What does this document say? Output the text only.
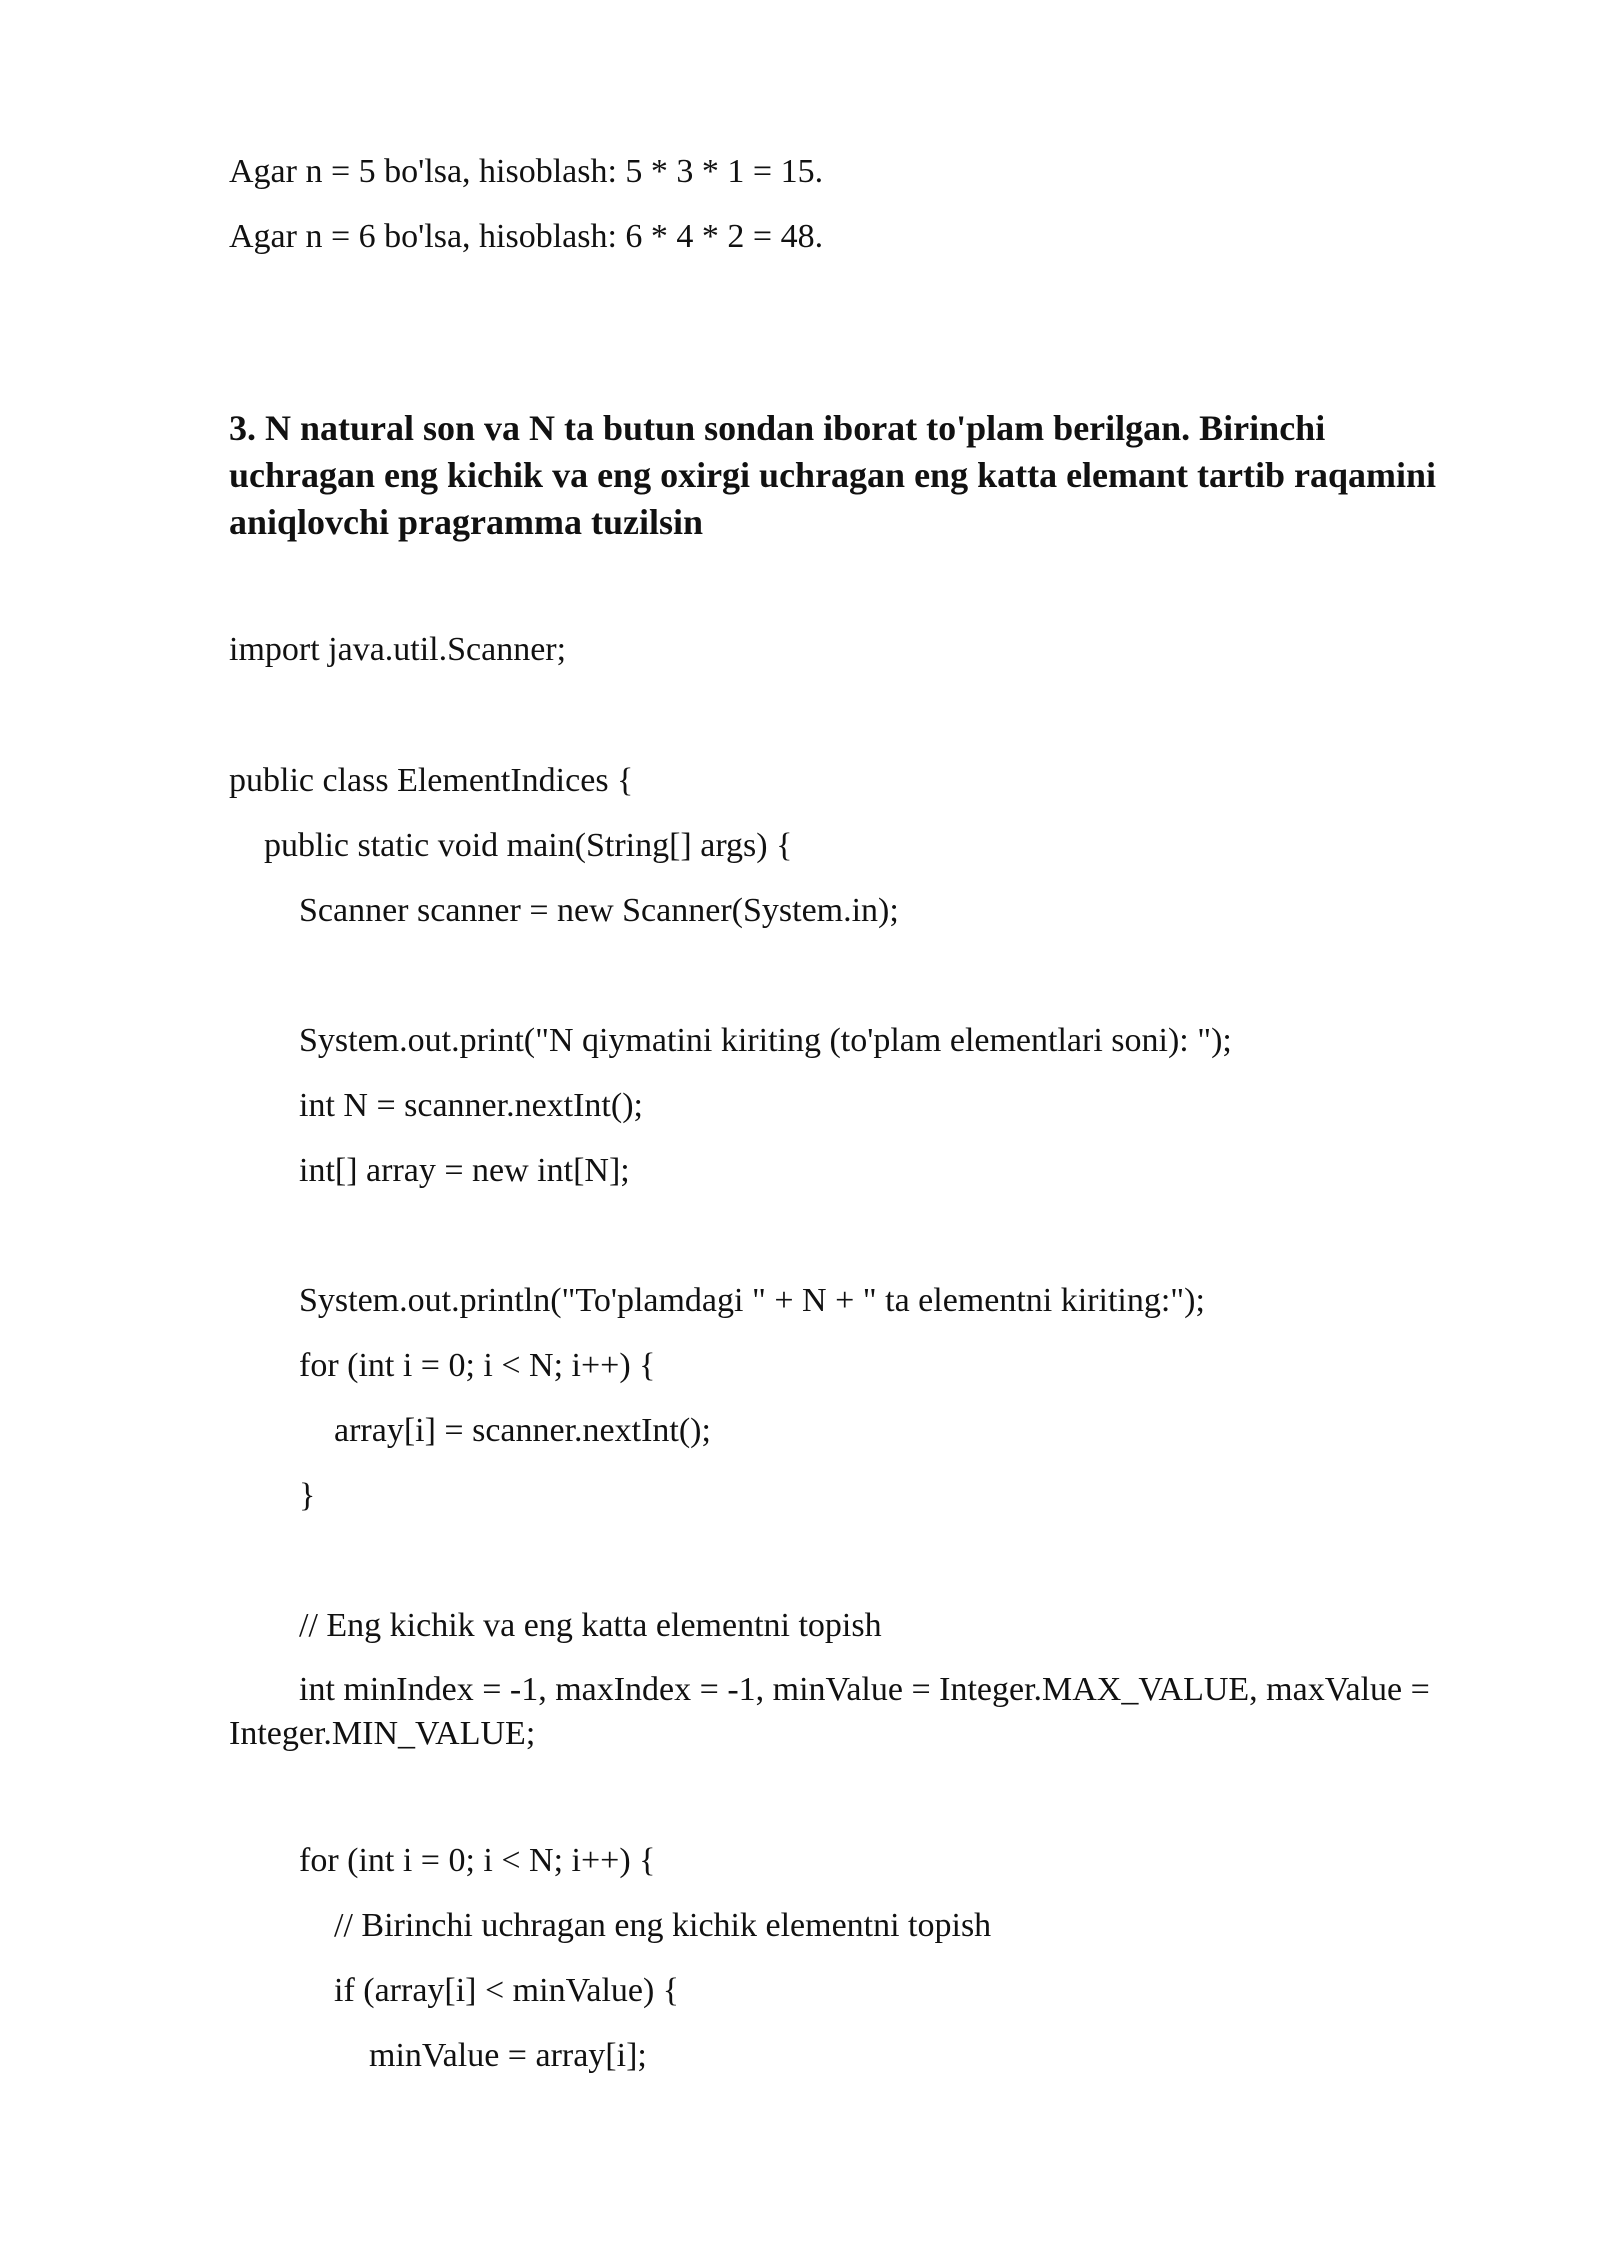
Agar n = 5 bo'lsa, hisoblash: 5 * 3 * 1 = 15.

Agar n = 6 bo'lsa, hisoblash: 6 * 4 * 2 = 48.

3. N natural son va N ta butun sondan iborat to'plam berilgan. Birinchi uchragan eng kichik va eng oxirgi uchragan eng katta elemant tartib raqamini aniqlovchi pragramma tuzilsin

import java.util.Scanner;

public class ElementIndices {

public static void main(String[] args) {

Scanner scanner = new Scanner(System.in);

System.out.print("N qiymatini kiriting (to'plam elementlari soni): ");

int N = scanner.nextInt();

int[] array = new int[N];

System.out.println("To'plamdagi " + N + " ta elementni kiriting:");

for (int i = 0; i < N; i++) {

array[i] = scanner.nextInt();

}

// Eng kichik va eng katta elementni topish

int minIndex = -1, maxIndex = -1, minValue = Integer.MAX_VALUE, maxValue = Integer.MIN_VALUE;

for (int i = 0; i < N; i++) {

// Birinchi uchragan eng kichik elementni topish

if (array[i] < minValue) {

minValue = array[i];
